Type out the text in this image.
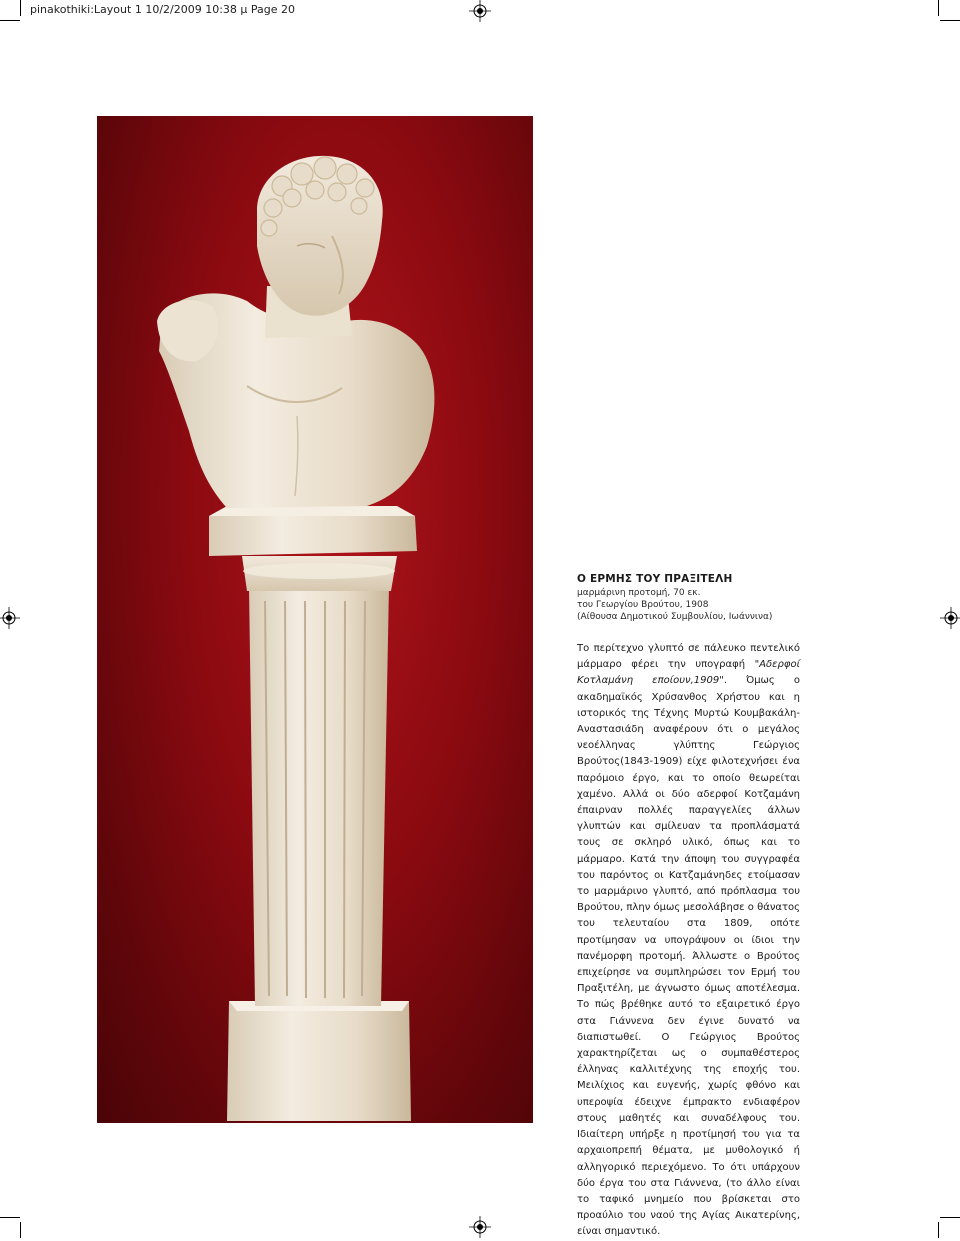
pinakothiki:Layout 1 10/2/2009 10:38 μ Page 20
Ο ΕΡΜΗΣ ΤΟΥ ΠΡΑΞΙΤΕΛΗ
μαρμάρινη προτομή, 70 εκ.
του Γεωργίου Βρούτου, 1908
(Αίθουσα Δημοτικού Συμβουλίου, Ιωάννινα)

Το περίτεχνο γλυπτό σε πάλευκο πεντελικό μάρμαρο φέρει την υπογραφή "Αδερφοί Κοτλαμάνη εποίουν,1909". Όμως ο ακαδημαϊκός Χρύσανθος Χρήστου και η ιστορικός της Τέχνης Μυρτώ Κουμβακάλη-Αναστασιάδη αναφέρουν ότι ο μεγάλος νεοέλληνας γλύπτης Γεώργιος Βρούτος(1843-1909) είχε φιλοτεχνήσει ένα παρόμοιο έργο, και το οποίο θεωρείται χαμένο. Αλλά οι δύο αδερφοί Κοτζαμάνη έπαιρναν πολλές παραγγελίες άλλων γλυπτών και σμίλευαν τα προπλάσματά τους σε σκληρό υλικό, όπως και το μάρμαρο. Κατά την άποψη του συγγραφέα του παρόντος οι Κατζαμάνηδες ετοίμασαν το μαρμάρινο γλυπτό, από πρόπλασμα του Βρούτου, πλην όμως μεσολάβησε ο θάνατος του τελευταίου στα 1809, οπότε προτίμησαν να υπογράψουν οι ίδιοι την πανέμορφη προτομή. Άλλωστε ο Βρούτος επιχείρησε να συμπληρώσει τον Ερμή του Πραξιτέλη, με άγνωστο όμως αποτέλεσμα. Το πώς βρέθηκε αυτό το εξαιρετικό έργο στα Γιάννενα δεν έγινε δυνατό να διαπιστωθεί. Ο Γεώργιος Βρούτος χαρακτηρίζεται ως ο συμπαθέστερος έλληνας καλλιτέχνης της εποχής του. Μειλίχιος και ευγενής, χωρίς φθόνο και υπεροψία έδειχνε έμπρακτο ενδιαφέρον στους μαθητές και συναδέλφους του. Ιδιαίτερη υπήρξε η προτίμησή του για τα αρχαιοπρεπή θέματα, με μυθολογικό ή αλληγορικό περιεχόμενο. Το ότι υπάρχουν δύο έργα του στα Γιάννενα, (το άλλο είναι το ταφικό μνημείο που βρίσκεται στο προαύλιο του ναού της Αγίας Αικατερίνης, είναι σημαντικό.
